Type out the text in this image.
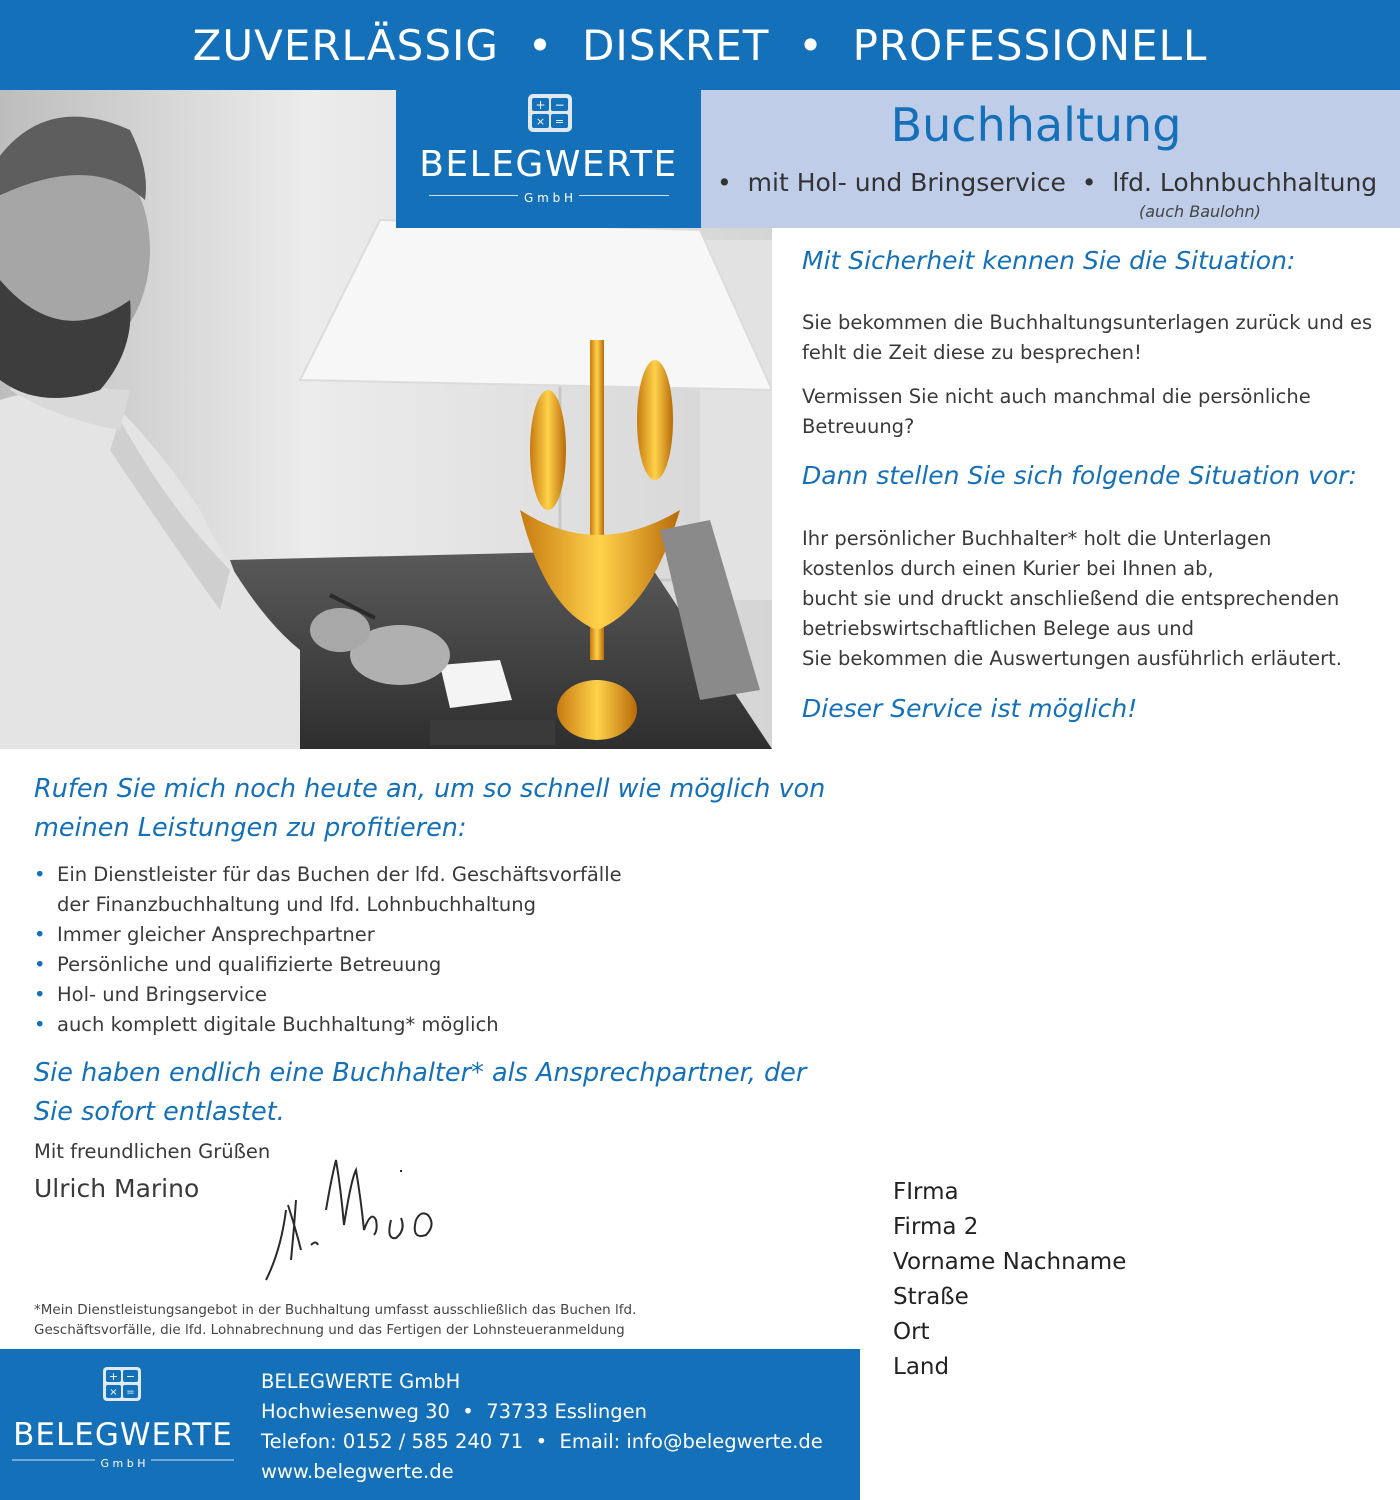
ZUVERLÄSSIG • DISKRET • PROFESSIONELL
+ −
× =
BELEGWERTE
G m b H
Buchhaltung
• mit Hol- und Bringservice • lfd. Lohnbuchhaltung
(auch Baulohn)
Mit Sicherheit kennen Sie die Situation:
Sie bekommen die Buchhaltungsunterlagen zurück und es fehlt die Zeit diese zu besprechen!
Vermissen Sie nicht auch manchmal die persönliche Betreuung?
Dann stellen Sie sich folgende Situation vor:
Ihr persönlicher Buchhalter* holt die Unterlagen
kostenlos durch einen Kurier bei Ihnen ab,
bucht sie und druckt anschließend die entsprechenden
betriebswirtschaftlichen Belege aus und
Sie bekommen die Auswertungen ausführlich erläutert.
Dieser Service ist möglich!
Rufen Sie mich noch heute an, um so schnell wie möglich von
meinen Leistungen zu profitieren:
• Ein Dienstleister für das Buchen der lfd. Geschäftsvorfälle
der Finanzbuchhaltung und lfd. Lohnbuchhaltung
• Immer gleicher Ansprechpartner
• Persönliche und qualifizierte Betreuung
• Hol- und Bringservice
• auch komplett digitale Buchhaltung* möglich
Sie haben endlich eine Buchhalter* als Ansprechpartner, der
Sie sofort entlastet.
Mit freundlichen Grüßen
Ulrich Marino
*Mein Dienstleistungsangebot in der Buchhaltung umfasst ausschließlich das Buchen lfd.
Geschäftsvorfälle, die lfd. Lohnabrechnung und das Fertigen der Lohnsteueranmeldung
+ −
× =
BELEGWERTE
G m b H
BELEGWERTE GmbH
Hochwiesenweg 30 • 73733 Esslingen
Telefon: 0152 / 585 240 71 • Email: info@belegwerte.de
www.belegwerte.de
FIrma
Firma 2
Vorname Nachname
Straße
Ort
Land
